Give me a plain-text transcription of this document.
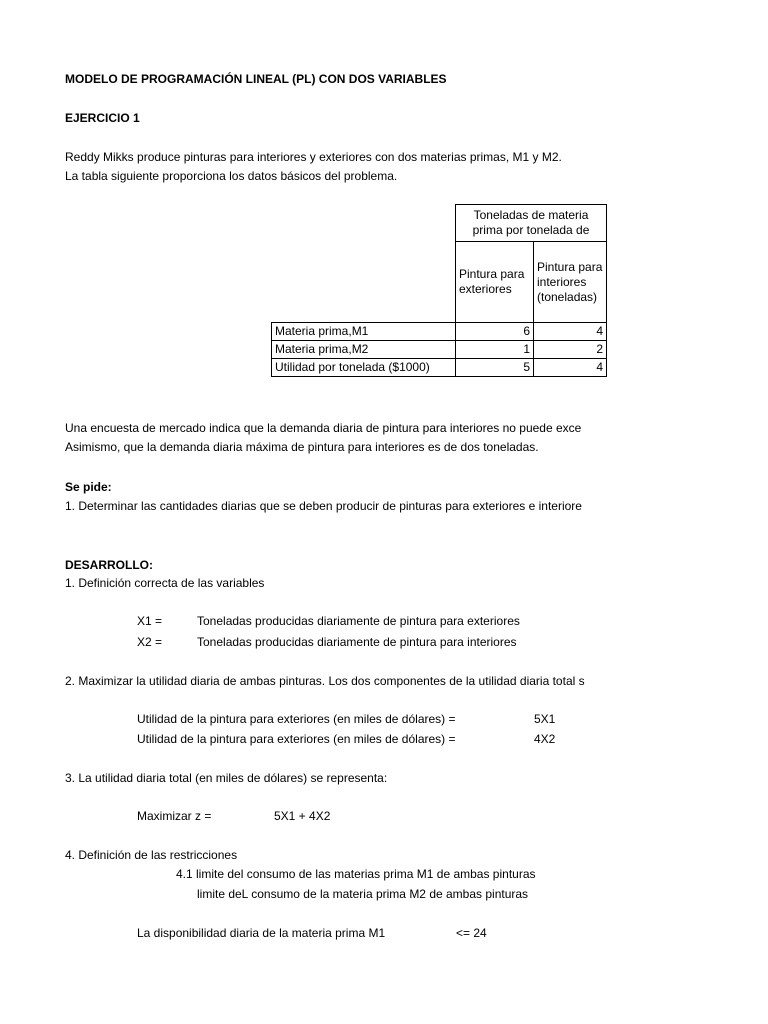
MODELO DE PROGRAMACIÓN LINEAL (PL) CON DOS VARIABLES
EJERCICIO 1
Reddy Mikks produce pinturas para interiores y exteriores con dos materias primas, M1 y M2.
La tabla siguiente proporciona los datos básicos del problema.
	Toneladas de materia prima por tonelada de	
	Pintura para exteriores	Pintura para interiores (toneladas)
Materia prima,M1	6	4
Materia prima,M2	1	2
Utilidad por tonelada ($1000)	5	4
Una encuesta de mercado indica que la demanda diaria de pintura para interiores no puede exce
Asimismo, que la demanda diaria máxima de pintura para interiores es de dos toneladas.
Se pide:
1. Determinar las cantidades diarias que se deben producir de pinturas para exteriores e interiore
DESARROLLO:
1. Definición correcta de las variables
X1 =	Toneladas producidas diariamente de pintura para exteriores
X2 =	Toneladas producidas diariamente de pintura para interiores
2. Maximizar la utilidad diaria de ambas pinturas. Los dos componentes de la utilidad diaria total s
Utilidad de la pintura para exteriores (en miles de dólares) =	5X1
Utilidad de la pintura para exteriores (en miles de dólares) =	4X2
3. La utilidad diaria total (en miles de dólares) se representa:
Maximizar z =	5X1 + 4X2
4. Definición de las restricciones
4.1 limite del consumo de las materias prima M1 de ambas pinturas
limite deL consumo de la materia prima M2 de ambas pinturas
La disponibilidad diaria de la materia prima M1	<= 24
